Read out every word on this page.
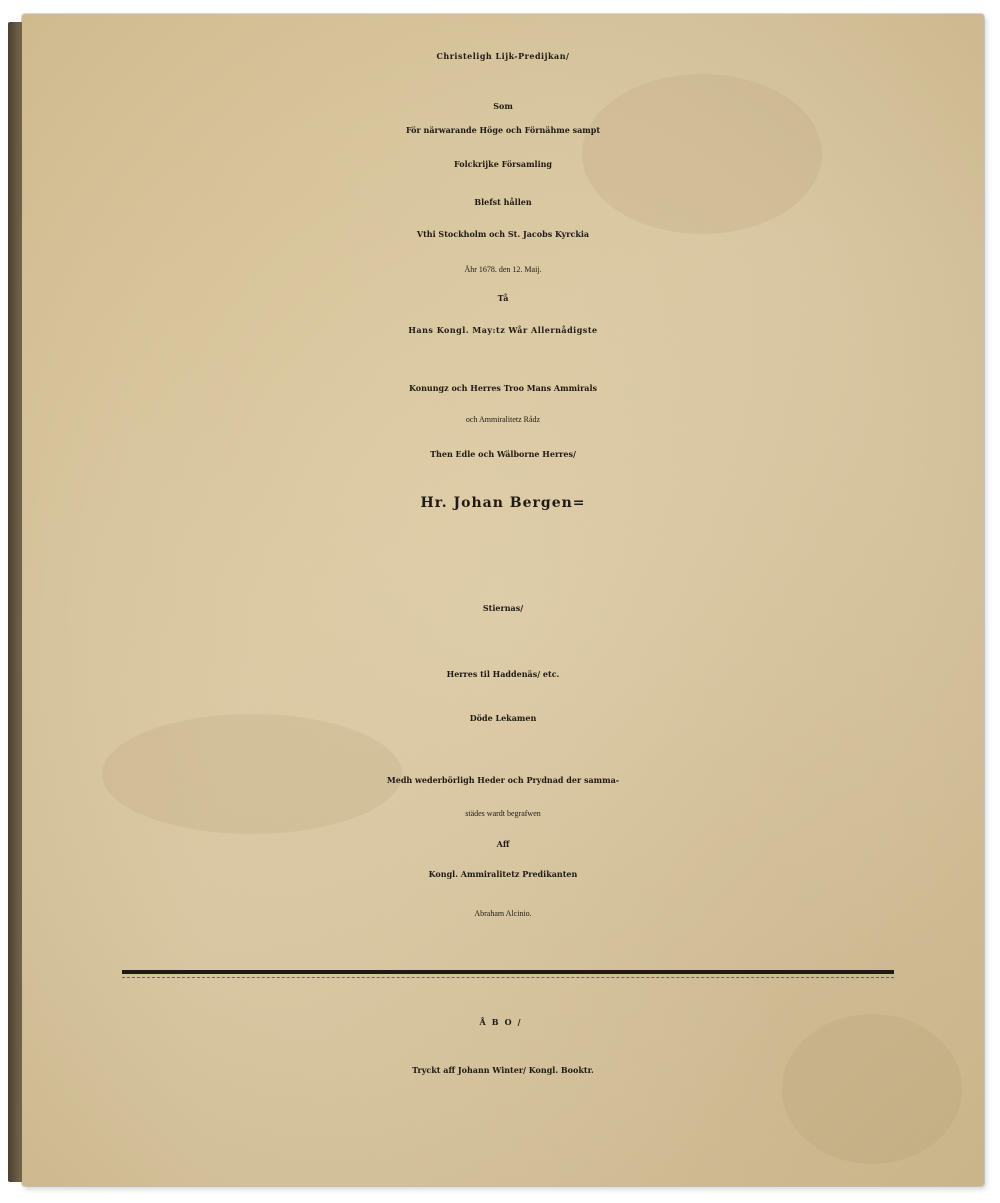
Christeligh Lijk-Predijkan/
Som
För närwarande Höge och Förnähme sampt
Folckrijke Församling
Blefst hållen
Vthi Stockholm och St. Jacobs Kyrckia
Åhr 1678. den 12. Maij.
Tå
Hans Kongl. May:tz Wår Allernådigste
Konungz och Herres Troo Mans Ammirals
och Ammiralitetz Rådz
Then Edle och Wälborne Herres/
Hr. Johan Bergen=
Stiernas/
Herres til Haddenäs/ etc.
Döde Lekamen
Medh wederbörligh Heder och Prydnad der samma-
städes wardt begrafwen
Aff
Kongl. Ammiralitetz Predikanten
Abraham Alcinio.
ÅBO/
Tryckt aff Johann Winter/ Kongl. Booktr.
